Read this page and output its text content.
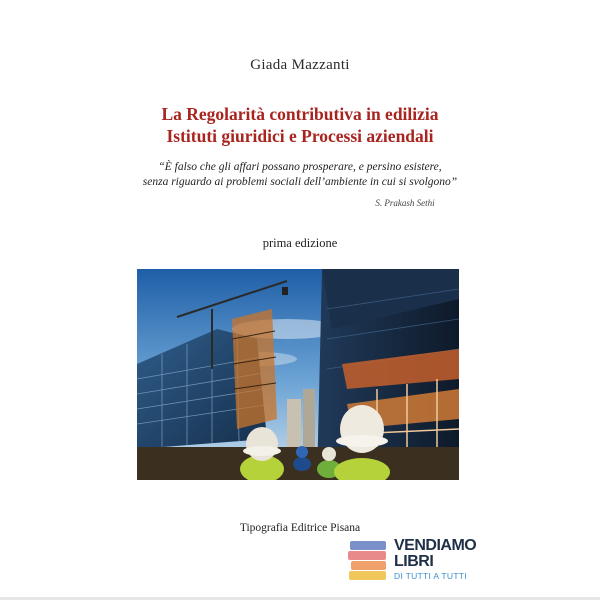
Giada Mazzanti
La Regolarità contributiva in edilizia
Istituti giuridici e Processi aziendali
“È falso che gli affari possano prosperare, e persino esistere,
senza riguardo ai problemi sociali dell’ambiente in cui si svolgono”
S. Prakash Sethi
prima edizione
Tipografia Editrice Pisana
VENDIAMO
LIBRI
DI TUTTI A TUTTI
